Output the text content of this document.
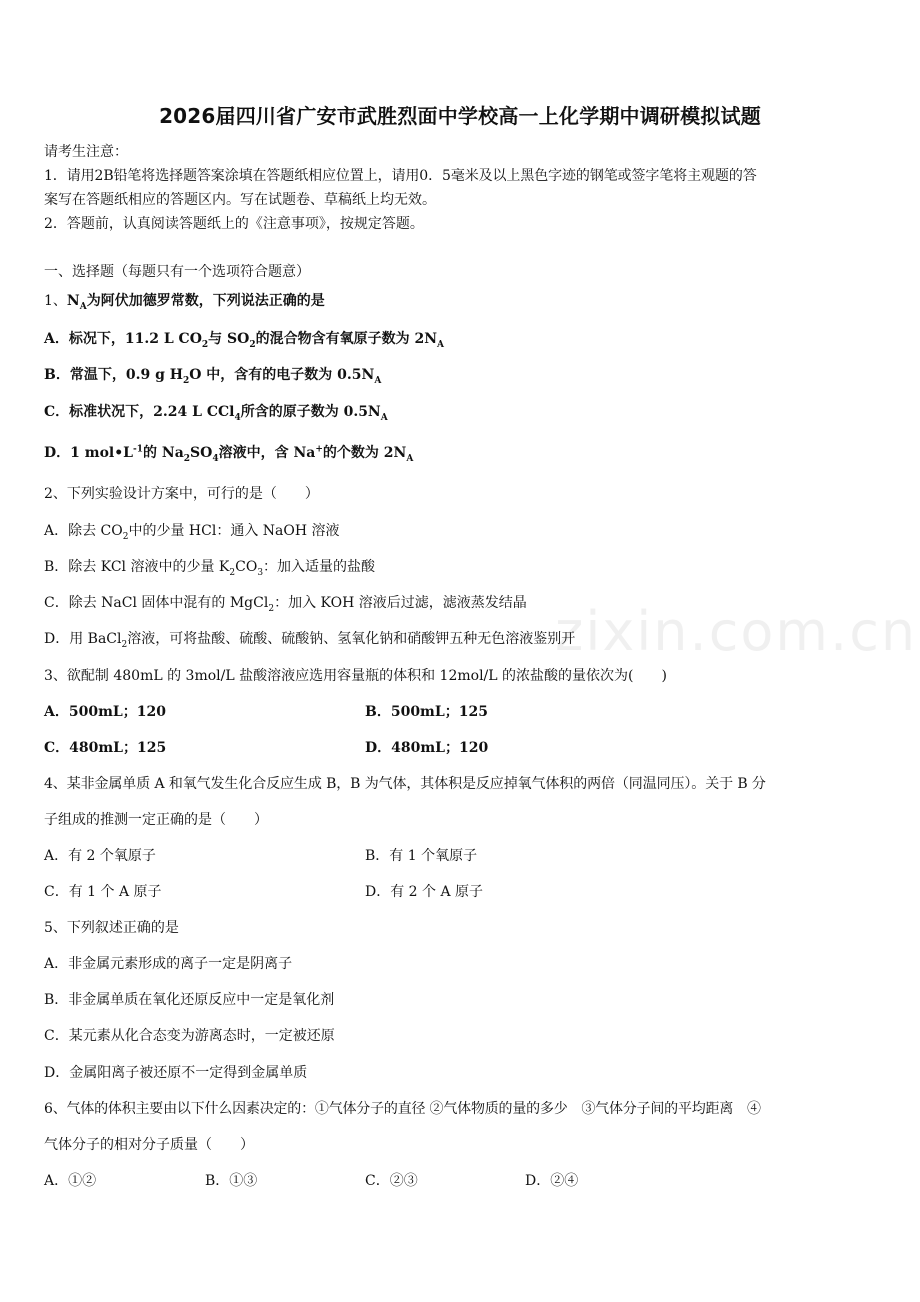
zixin.com.cn
2026届四川省广安市武胜烈面中学校高一上化学期中调研模拟试题
请考生注意：
1．请用2B铅笔将选择题答案涂填在答题纸相应位置上，请用0．5毫米及以上黑色字迹的钢笔或签字笔将主观题的答
案写在答题纸相应的答题区内。写在试题卷、草稿纸上均无效。
2．答题前，认真阅读答题纸上的《注意事项》，按规定答题。
一、选择题（每题只有一个选项符合题意）
1、$N_A$为阿伏加德罗常数，下列说法正确的是
A．标况下，11.2 L $CO_2$与 $SO_2$的混合物含有氧原子数为 $2N_A$
B．常温下，0.9 g $H_2O$ 中，含有的电子数为 $0.5N_A$
C．标准状况下，2.24 L CCl$_4$所含的原子数为 $0.5N_A$
D．1 $mol•L^{-1}$的 $Na_2SO_4$溶液中，含 Na+的个数为 $2N_A$
2、下列实验设计方案中，可行的是（　　）
A．除去 $CO_2$中的少量 HCl：通入 NaOH 溶液
B．除去 KCl 溶液中的少量 $K_2CO_3$：加入适量的盐酸
C．除去 NaCl 固体中混有的 MgCl$_2$：加入 KOH 溶液后过滤，滤液蒸发结晶
D．用 BaCl$_2$溶液，可将盐酸、硫酸、硫酸钠、氢氧化钠和硝酸钾五种无色溶液鉴别开
3、欲配制 480mL 的 3mol/L 盐酸溶液应选用容量瓶的体积和 12mol/L 的浓盐酸的量依次为(　　)
A．500mL；120	B．500mL；125
C．480mL；125	D．480mL；120
4、某非金属单质 A 和氧气发生化合反应生成 B，B 为气体，其体积是反应掉氧气体积的两倍（同温同压）。关于 B 分
子组成的推测一定正确的是（　　）
A．有 2 个氧原子	B．有 1 个氧原子
C．有 1 个 A 原子	D．有 2 个 A 原子
5、下列叙述正确的是
A．非金属元素形成的离子一定是阴离子
B．非金属单质在氧化还原反应中一定是氧化剂
C．某元素从化合态变为游离态时，一定被还原
D．金属阳离子被还原不一定得到金属单质
6、气体的体积主要由以下什么因素决定的：①气体分子的直径 ②气体物质的量的多少　③气体分子间的平均距离　④
气体分子的相对分子质量（　　）
A．①②	B．①③	C．②③	D．②④
